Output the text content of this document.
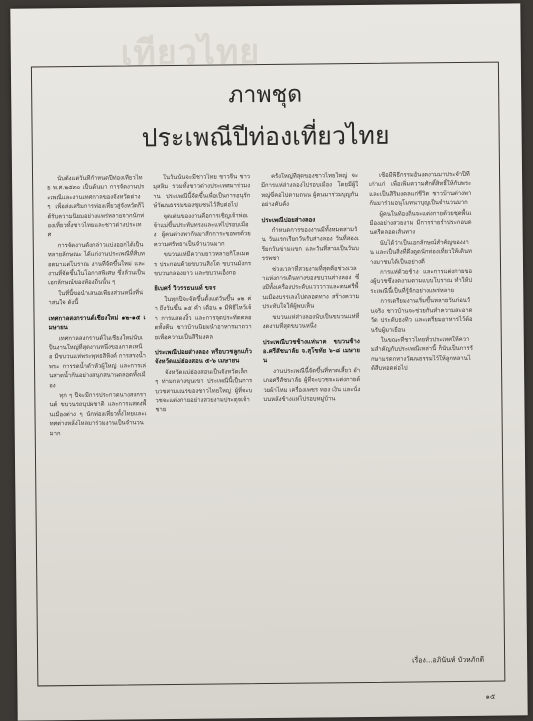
เทียวไทย
ภาพชุด
ประเพณีปีท่องเที่ยวไทย

นับตั้งแต่วันที่กำหนดปีท่องเที่ยวไทย พ.ศ.๒๕๓๐ เป็นต้นมา การจัดงานประเพณีและงานเทศกาลของจังหวัดต่าง ๆ เพื่อส่งเสริมการท่องเที่ยวสู่จังหวัดก็ได้รับความนิยมอย่างแพร่หลายจากนักท่องเที่ยวทั้งชาวไทยและชาวต่างประเทศ

การจัดงานดังกล่าวแบ่งออกได้เป็นหลายลักษณะ ได้แก่งานประเพณีที่สืบทอดมาแต่โบราณ งานที่จัดขึ้นใหม่ และงานที่จัดขึ้นในโอกาสพิเศษ ซึ่งล้วนเป็นเอกลักษณ์ของท้องถิ่นนั้น ๆ

ในที่นี้ขอนำเสนอเพียงส่วนหนึ่งที่น่าสนใจ ดังนี้

เทศกาลสงกรานต์เชียงใหม่ ๑๒-๑๕ เมษายน

เทศกาลสงกรานต์ในเชียงใหม่นับเป็นงานใหญ่ที่สุดงานหนึ่งของภาคเหนือ มีขบวนแห่พระพุทธสิหิงค์ การสรงน้ำพระ การรดน้ำดำหัวผู้ใหญ่ และการเล่นสาดน้ำกันอย่างสนุกสนานตลอดทั้งเมือง

ทุก ๆ ปีจะมีการประกวดนางสงกรานต์ ขบวนรถบุปผชาติ และการแสดงพื้นเมืองต่าง ๆ นักท่องเที่ยวทั้งไทยและเทศต่างหลั่งไหลมาร่วมงานเป็นจำนวนมาก

ในวันนั้นจะมีชาวไทย ชาวจีน ชาวมุสลิม รวมทั้งชาวต่างประเทศมาร่วมงาน ประเพณีนี้จัดขึ้นเพื่อเป็นการอนุรักษ์วัฒนธรรมของชุมชนไว้สืบต่อไป

จุดเด่นของงานคือการเชิญเจ้าพ่อเจ้าแม่ขึ้นประทับทรงและแห่ไปรอบเมือง ผู้คนต่างพากันมาสักการะขอพรด้วยความศรัทธาเป็นจำนวนมาก

ขบวนแห่มีความยาวหลายกิโลเมตร ประกอบด้วยขบวนสิงโต ขบวนมังกร ขบวนกลองยาว และขบวนเอ็งกอ

ธิเบศร์ วิวรรธนนท์ ขจร

ในทุกปีจะจัดขึ้นตั้งแต่วันขึ้น ๑๒ ค่ำ ถึงวันขึ้น ๑๕ ค่ำ เดือน ๑ มีพิธีไหว้เจ้า การแสดงงิ้ว และการจุดประทัดตลอดทั้งคืน ชาวบ้านนิยมนำอาหารมาถวายเพื่อความเป็นสิริมงคล

ประเพณีปอยส่างลอง หรือบวชลูกแก้ว จังหวัดแม่ฮ่องสอน ๕-๖ เมษายน

จังหวัดแม่ฮ่องสอนเป็นจังหวัดเล็ก ๆ ท่ามกลางขุนเขา ประเพณีนี้เป็นการบวชสามเณรของชาวไทยใหญ่ ผู้ที่จะบวชจะแต่งกายอย่างสวยงามประดุจเจ้าชาย

ครั้งใหญ่ที่สุดของชาวไทยใหญ่ จะมีการแห่ส่างลองไปรอบเมือง โดยมีผู้ใหญ่ขี่คอไปตามถนน ผู้คนมาร่วมบุญกันอย่างคับคั่ง

ประเพณีปอยส่างลอง

กำหนดการของงานมีทั้งหมดสามวัน วันแรกเรียกวันรับส่างลอง วันที่สองเรียกวันข่ามแขก และวันที่สามเป็นวันบรรพชา

ช่วงเวลาที่สวยงามที่สุดคือช่วงเวลาแห่งการเดินทางของขบวนส่างลอง ซึ่งมีทั้งเครื่องประดับแวววาวและดนตรีพื้นเมืองบรรเลงไปตลอดทาง สร้างความประทับใจให้ผู้พบเห็น

ขบวนแห่ส่างลองนับเป็นขบวนแห่ที่งดงามที่สุดขบวนหนึ่ง

ประเพณีบวชช้างแห่นาค ขบวนช้าง อ.ศรีสัชนาลัย จ.สุโขทัย ๖-๘ เมษายน

งานประเพณีนี้จัดขึ้นที่หาดเสี้ยว อำเภอศรีสัชนาลัย ผู้ที่จะบวชจะแต่งกายด้วยผ้าไหม เครื่องเพชร ทอง เงิน และนั่งบนหลังช้างแห่ไปรอบหมู่บ้าน

เชื่อมีพิธีกรรมอันงดงามมาประจำปีที่เก่าแก่ เพื่อเพิ่มความศักดิ์สิทธิ์ให้กับพระ และเป็นสิริมงคลแก่ชีวิต ชาวบ้านต่างพากันมาร่วมอนุโมทนาบุญเป็นจำนวนมาก

ผู้คนในท้องถิ่นจะแต่งกายด้วยชุดพื้นเมืองอย่างสวยงาม มีการร่ายรำประกอบดนตรีตลอดเส้นทาง

นับได้ว่าเป็นเอกลักษณ์สำคัญของงาน และเป็นสิ่งที่ดึงดูดนักท่องเที่ยวให้เดินทางมาชมได้เป็นอย่างดี

การแห่ด้วยช้าง และการแต่งกายของผู้บวชซึ่งงดงามตามแบบโบราณ ทำให้ประเพณีนี้เป็นที่รู้จักอย่างแพร่หลาย

การเตรียมงานเริ่มขึ้นหลายวันก่อนวันจริง ชาวบ้านจะช่วยกันทำความสะอาดวัด ประดับธงทิว และเตรียมอาหารไว้ต้อนรับผู้มาเยือน

ในขณะที่ชาวไทยทั่วประเทศให้ความสำคัญกับประเพณีเหล่านี้ ก็นับเป็นการรักษามรดกทางวัฒนธรรมไว้ให้ลูกหลานได้สืบทอดต่อไป

เรื่อง...อภินันท์ บัวหภักดี
๑๕
